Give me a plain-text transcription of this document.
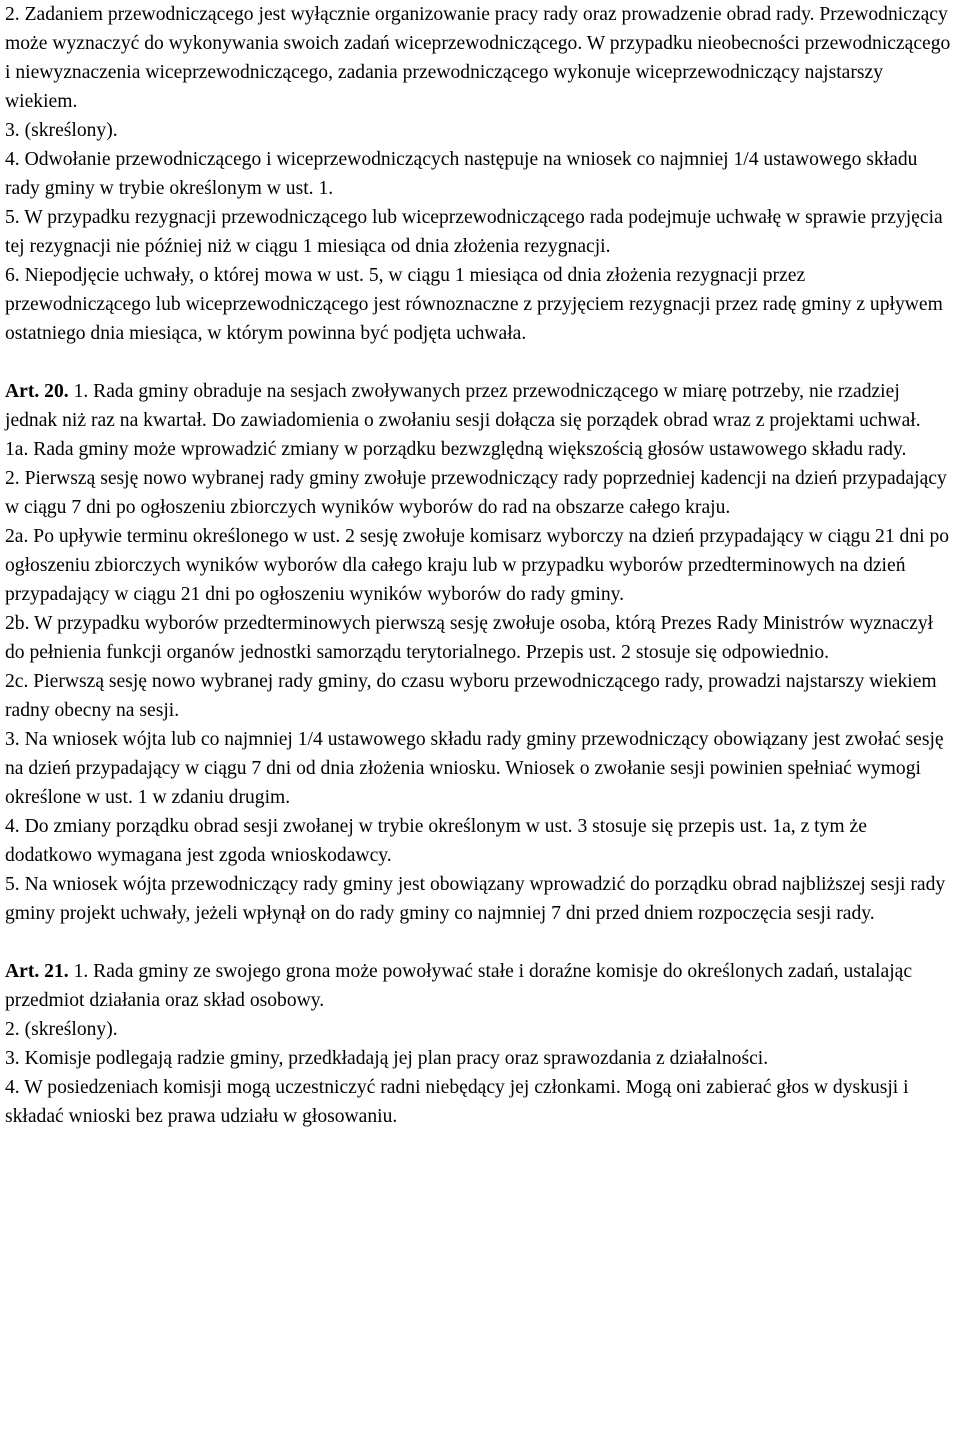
2. Zadaniem przewodniczącego jest wyłącznie organizowanie pracy rady oraz prowadzenie obrad rady. Przewodniczący może wyznaczyć do wykonywania swoich zadań wiceprzewodniczącego. W przypadku nieobecności przewodniczącego i niewyznaczenia wiceprzewodniczącego, zadania przewodniczącego wykonuje wiceprzewodniczący najstarszy wiekiem.

3. (skreślony).

4. Odwołanie przewodniczącego i wiceprzewodniczących następuje na wniosek co najmniej 1/4 ustawowego składu rady gminy w trybie określonym w ust. 1.

5. W przypadku rezygnacji przewodniczącego lub wiceprzewodniczącego rada podejmuje uchwałę w sprawie przyjęcia tej rezygnacji nie później niż w ciągu 1 miesiąca od dnia złożenia rezygnacji.

6. Niepodjęcie uchwały, o której mowa w ust. 5, w ciągu 1 miesiąca od dnia złożenia rezygnacji przez przewodniczącego lub wiceprzewodniczącego jest równoznaczne z przyjęciem rezygnacji przez radę gminy z upływem ostatniego dnia miesiąca, w którym powinna być podjęta uchwała.

Art. 20. 1. Rada gminy obraduje na sesjach zwoływanych przez przewodniczącego w miarę potrzeby, nie rzadziej jednak niż raz na kwartał. Do zawiadomienia o zwołaniu sesji dołącza się porządek obrad wraz z projektami uchwał.

1a. Rada gminy może wprowadzić zmiany w porządku bezwzględną większością głosów ustawowego składu rady.

2. Pierwszą sesję nowo wybranej rady gminy zwołuje przewodniczący rady poprzedniej kadencji na dzień przypadający w ciągu 7 dni po ogłoszeniu zbiorczych wyników wyborów do rad na obszarze całego kraju.

2a. Po upływie terminu określonego w ust. 2 sesję zwołuje komisarz wyborczy na dzień przypadający w ciągu 21 dni po ogłoszeniu zbiorczych wyników wyborów dla całego kraju lub w przypadku wyborów przedterminowych na dzień przypadający w ciągu 21 dni po ogłoszeniu wyników wyborów do rady gminy.

2b. W przypadku wyborów przedterminowych pierwszą sesję zwołuje osoba, którą Prezes Rady Ministrów wyznaczył do pełnienia funkcji organów jednostki samorządu terytorialnego. Przepis ust. 2 stosuje się odpowiednio.

2c. Pierwszą sesję nowo wybranej rady gminy, do czasu wyboru przewodniczącego rady, prowadzi najstarszy wiekiem radny obecny na sesji.

3. Na wniosek wójta lub co najmniej 1/4 ustawowego składu rady gminy przewodniczący obowiązany jest zwołać sesję na dzień przypadający w ciągu 7 dni od dnia złożenia wniosku. Wniosek o zwołanie sesji powinien spełniać wymogi określone w ust. 1 w zdaniu drugim.

4. Do zmiany porządku obrad sesji zwołanej w trybie określonym w ust. 3 stosuje się przepis ust. 1a, z tym że dodatkowo wymagana jest zgoda wnioskodawcy.

5. Na wniosek wójta przewodniczący rady gminy jest obowiązany wprowadzić do porządku obrad najbliższej sesji rady gminy projekt uchwały, jeżeli wpłynął on do rady gminy co najmniej 7 dni przed dniem rozpoczęcia sesji rady.

Art. 21. 1. Rada gminy ze swojego grona może powoływać stałe i doraźne komisje do określonych zadań, ustalając przedmiot działania oraz skład osobowy.

2. (skreślony).

3. Komisje podlegają radzie gminy, przedkładają jej plan pracy oraz sprawozdania z działalności.

4. W posiedzeniach komisji mogą uczestniczyć radni niebędący jej członkami. Mogą oni zabierać głos w dyskusji i składać wnioski bez prawa udziału w głosowaniu.
